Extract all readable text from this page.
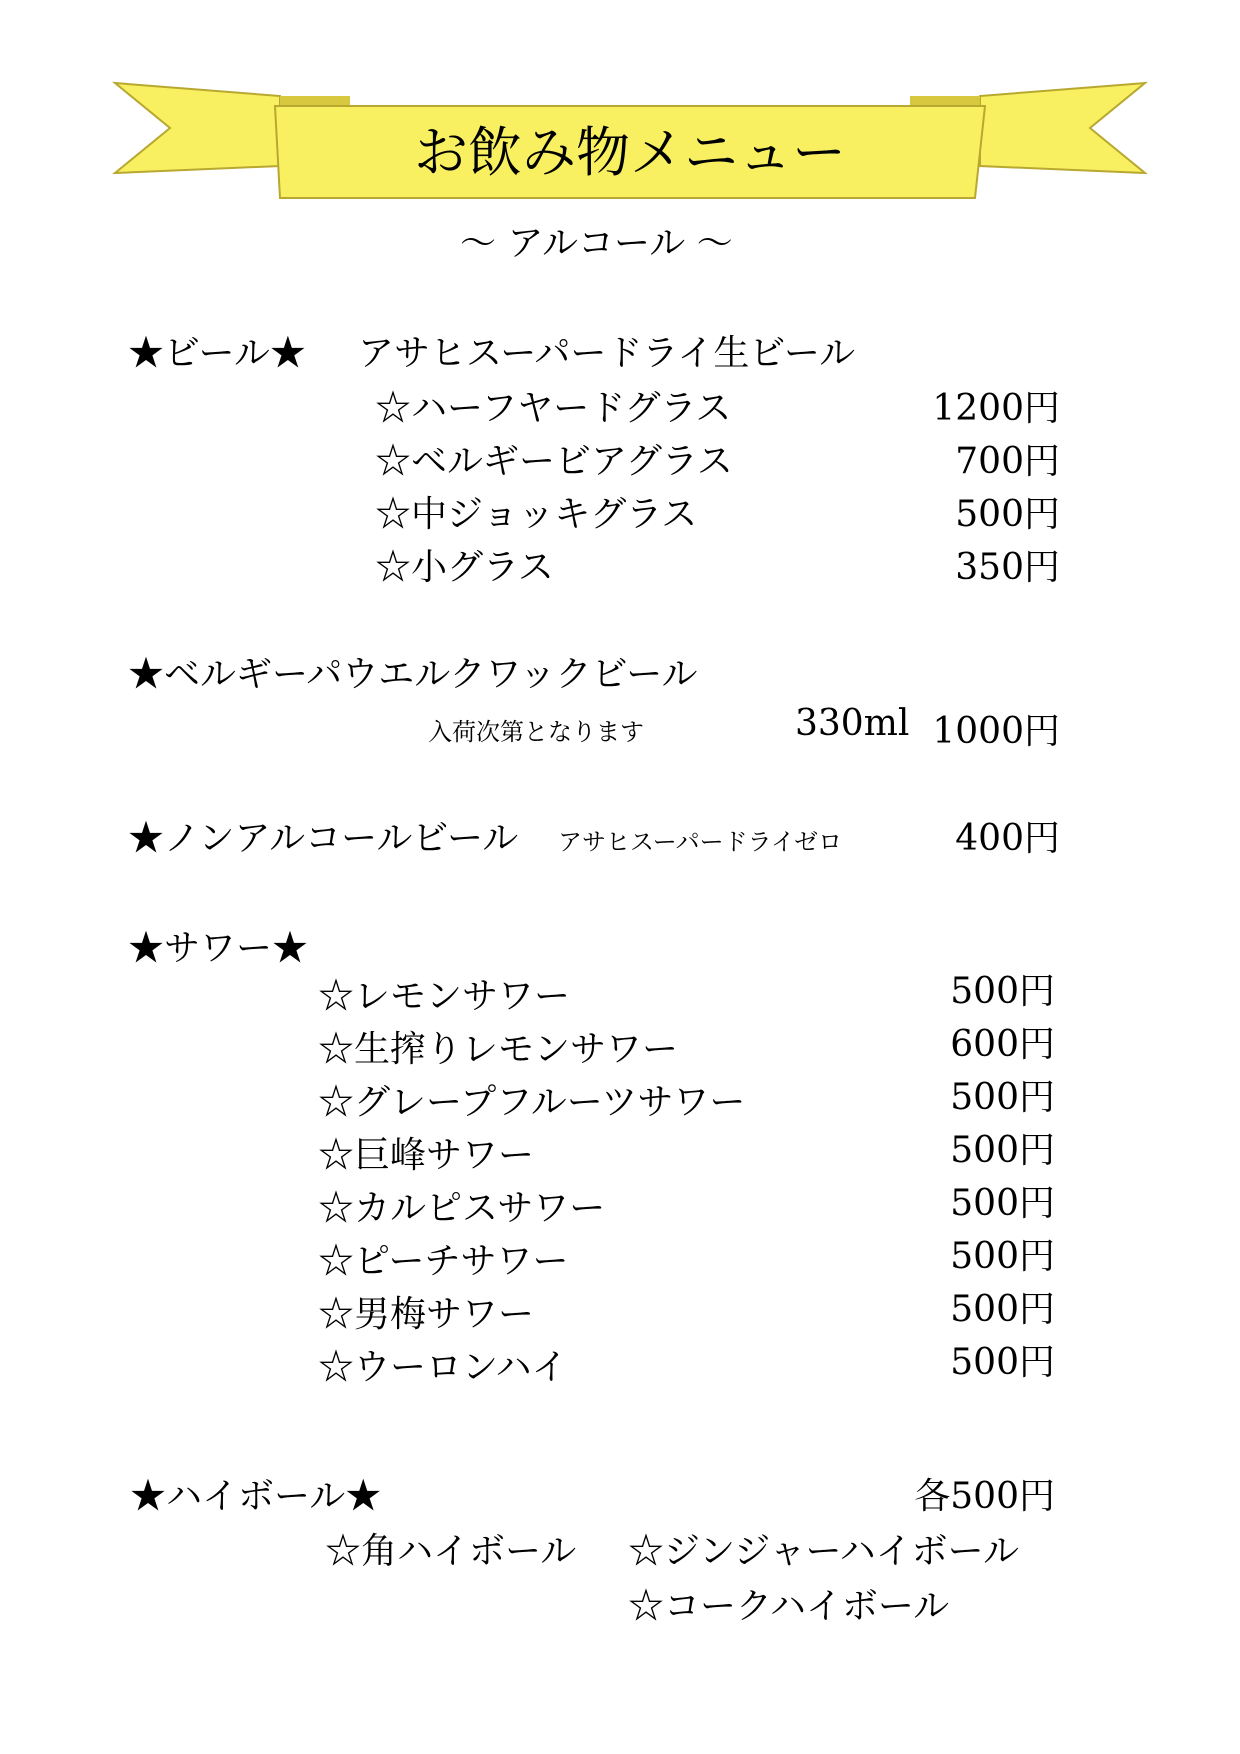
お飲み物メニュー
〜 アルコール 〜
★ビール★ アサヒスーパードライ生ビール
☆ハーフヤードグラス	1200円
☆ベルギービアグラス	700円
☆中ジョッキグラス	500円
☆小グラス	350円
★ベルギーパウエルクワックビール
入荷次第となります	330ml 1000円
★ノンアルコールビール アサヒスーパードライゼロ	400円
★サワー★
☆レモンサワー	500円
☆生搾りレモンサワー	600円
☆グレープフルーツサワー	500円
☆巨峰サワー	500円
☆カルピスサワー	500円
☆ピーチサワー	500円
☆男梅サワー	500円
☆ウーロンハイ	500円
★ハイボール★	各500円
☆角ハイボール ☆ジンジャーハイボール
☆コークハイボール
